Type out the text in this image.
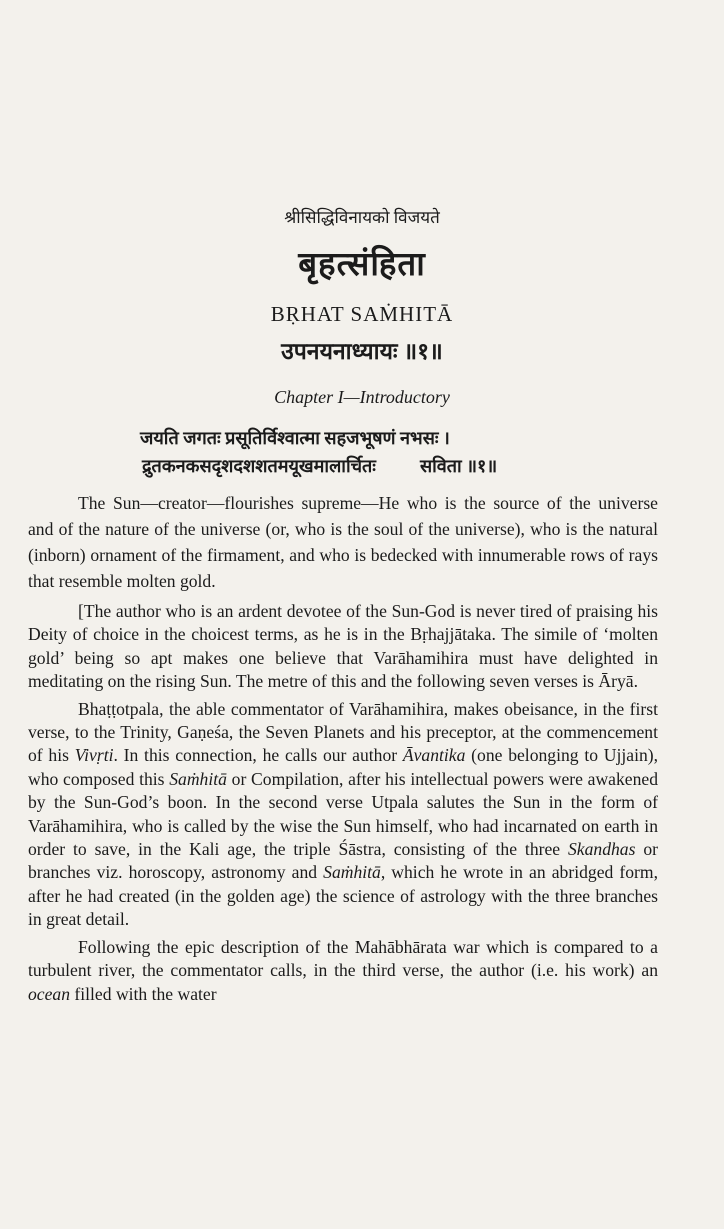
श्रीसिद्धिविनायको विजयते
बृहत्संहिता
BṚHAT SAṀHITĀ
उपनयनाध्यायः ॥१॥
Chapter I—Introductory
जयति जगतः प्रसूतिर्विश्वात्मा सहजभूषणं नभसः ।
द्रुतकनकसदृशदशशतमयूखमालार्चितः सविता ॥१॥

The Sun—creator—flourishes supreme—He who is the source of the universe and of the nature of the universe (or, who is the soul of the universe), who is the natural (inborn) ornament of the firmament, and who is bedecked with innumerable rows of rays that resemble molten gold.

[The author who is an ardent devotee of the Sun-God is never tired of praising his Deity of choice in the choicest terms, as he is in the Bṛhajjātaka. The simile of ‘molten gold’ being so apt makes one believe that Varāhamihira must have delighted in meditating on the rising Sun. The metre of this and the following seven verses is Āryā.

Bhaṭṭotpala, the able commentator of Varāhamihira, makes obeisance, in the first verse, to the Trinity, Gaṇeśa, the Seven Planets and his preceptor, at the commencement of his Vivṛti. In this connection, he calls our author Āvantika (one belonging to Ujjain), who composed this Saṁhitā or Compilation, after his intellectual powers were awakened by the Sun-God’s boon. In the second verse Utpala salutes the Sun in the form of Varāhamihira, who is called by the wise the Sun himself, who had incarnated on earth in order to save, in the Kali age, the triple Śāstra, consisting of the three Skandhas or branches viz. horoscopy, astronomy and Saṁhitā, which he wrote in an abridged form, after he had created (in the golden age) the science of astrology with the three branches in great detail.

Following the epic description of the Mahābhārata war which is compared to a turbulent river, the commentator calls, in the third verse, the author (i.e. his work) an ocean filled with the water
